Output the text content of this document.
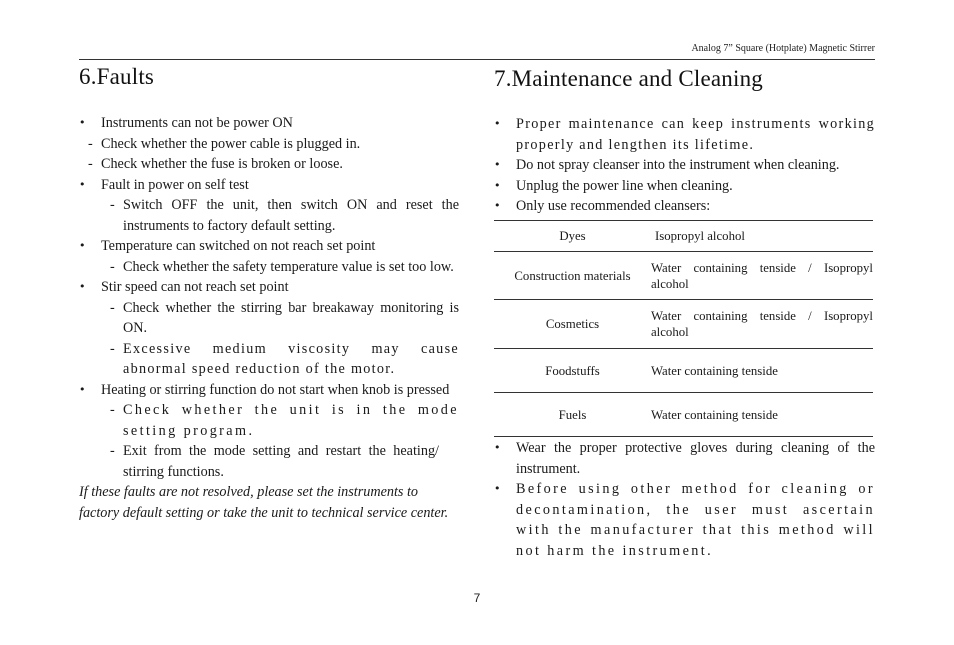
Analog 7” Square (Hotplate) Magnetic Stirrer
6.Faults
• Instruments can not be power ON
- Check whether the power cable is plugged in.
- Check whether the fuse is broken or loose.
• Fault in power on self test
- Switch OFF the unit, then switch ON and reset the instruments to factory default setting.
• Temperature can switched on not reach set point
- Check whether the safety temperature value is set too low.
• Stir speed can not reach set point
- Check whether the stirring bar breakaway monitoring is ON.
- Excessive medium viscosity may cause abnormal speed reduction of the motor.
• Heating or stirring function do not start when knob is pressed
- Check whether the unit is in the mode setting program.
- Exit from the mode setting and restart the heating/ stirring functions.
If these faults are not resolved, please set the instruments to factory default setting or take the unit to technical service center.
7.Maintenance and Cleaning
• Proper maintenance can keep instruments working properly and lengthen its lifetime.
• Do not spray cleanser into the instrument when cleaning.
• Unplug the power line when cleaning.
• Only use recommended cleansers:
Dyes	Isopropyl alcohol
Construction materials	Water containing tenside / Isopropyl alcohol
Cosmetics	Water containing tenside / Isopropyl alcohol
Foodstuffs	Water containing tenside
Fuels	Water containing tenside
• Wear the proper protective gloves during cleaning of the instrument.
• Before using other method for cleaning or decontamination, the user must ascertain with the manufacturer that this method will not harm the instrument.
7
